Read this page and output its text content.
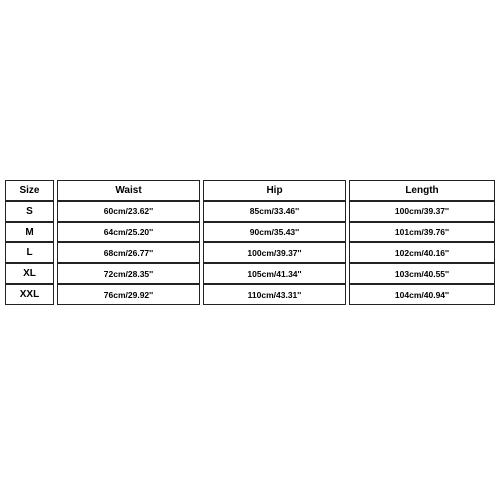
Size	Waist	Hip	Length
S	60cm/23.62''	85cm/33.46''	100cm/39.37''
M	64cm/25.20''	90cm/35.43''	101cm/39.76''
L	68cm/26.77''	100cm/39.37''	102cm/40.16''
XL	72cm/28.35''	105cm/41.34''	103cm/40.55''
XXL	76cm/29.92''	110cm/43.31''	104cm/40.94''
